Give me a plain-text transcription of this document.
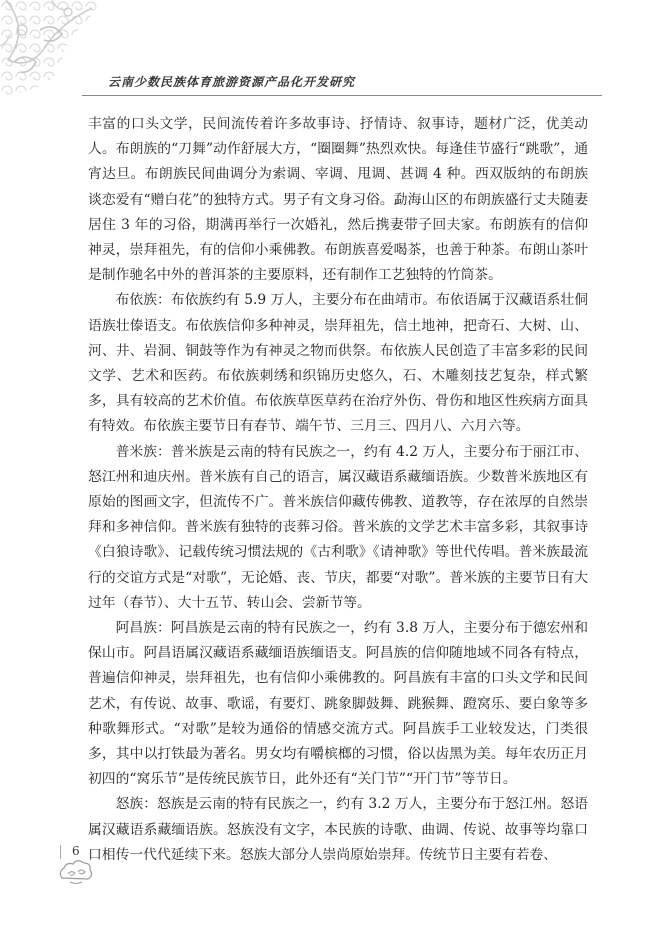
云南少数民族体育旅游资源产品化开发研究

丰富的口头文学，民间流传着许多故事诗、抒情诗、叙事诗，题材广泛，优美动人。布朗族的“刀舞”动作舒展大方，“圈圈舞”热烈欢快。每逢佳节盛行“跳歌”，通宵达旦。布朗族民间曲调分为索调、宰调、甩调、甚调 4 种。西双版纳的布朗族谈恋爱有“赠白花”的独特方式。男子有文身习俗。勐海山区的布朗族盛行丈夫随妻居住 3 年的习俗，期满再举行一次婚礼，然后携妻带子回夫家。布朗族有的信仰神灵，崇拜祖先，有的信仰小乘佛教。布朗族喜爱喝茶，也善于种茶。布朗山茶叶是制作驰名中外的普洱茶的主要原料，还有制作工艺独特的竹筒茶。

布依族：布依族约有 5.9 万人，主要分布在曲靖市。布依语属于汉藏语系壮侗语族壮傣语支。布依族信仰多种神灵，崇拜祖先，信土地神，把奇石、大树、山、河、井、岩洞、铜鼓等作为有神灵之物而供祭。布依族人民创造了丰富多彩的民间文学、艺术和医药。布依族刺绣和织锦历史悠久，石、木雕刻技艺复杂，样式繁多，具有较高的艺术价值。布依族草医草药在治疗外伤、骨伤和地区性疾病方面具有特效。布依族主要节日有春节、端午节、三月三、四月八、六月六等。

普米族：普米族是云南的特有民族之一，约有 4.2 万人，主要分布于丽江市、怒江州和迪庆州。普米族有自己的语言，属汉藏语系藏缅语族。少数普米族地区有原始的图画文字，但流传不广。普米族信仰藏传佛教、道教等，存在浓厚的自然崇拜和多神信仰。普米族有独特的丧葬习俗。普米族的文学艺术丰富多彩，其叙事诗《白狼诗歌》、记载传统习惯法规的《古利歌》《请神歌》等世代传唱。普米族最流行的交谊方式是“对歌”，无论婚、丧、节庆，都要“对歌”。普米族的主要节日有大过年（春节）、大十五节、转山会、尝新节等。

阿昌族：阿昌族是云南的特有民族之一，约有 3.8 万人，主要分布于德宏州和保山市。阿昌语属汉藏语系藏缅语族缅语支。阿昌族的信仰随地域不同各有特点，普遍信仰神灵，崇拜祖先，也有信仰小乘佛教的。阿昌族有丰富的口头文学和民间艺术，有传说、故事、歌谣，有要灯、跳象脚鼓舞、跳猴舞、蹬窝乐、要白象等多种歌舞形式。“对歌”是较为通俗的情感交流方式。阿昌族手工业较发达，门类很多，其中以打铁最为著名。男女均有嚼槟榔的习惯，俗以齿黑为美。每年农历正月初四的“窝乐节”是传统民族节日，此外还有“关门节”“开门节”等节日。

怒族：怒族是云南的特有民族之一，约有 3.2 万人，主要分布于怒江州。怒语属汉藏语系藏缅语族。怒族没有文字，本民族的诗歌、曲调、传说、故事等均靠口口相传一代代延续下来。怒族大部分人崇尚原始崇拜。传统节日主要有若卷、

6
